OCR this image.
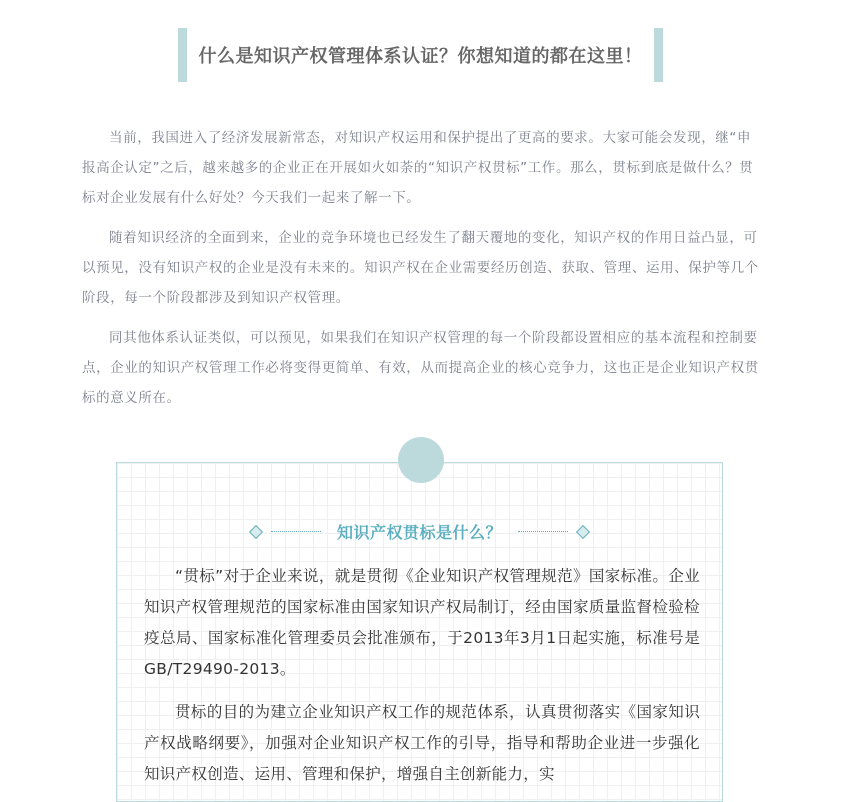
什么是知识产权管理体系认证？你想知道的都在这里！

当前，我国进入了经济发展新常态，对知识产权运用和保护提出了更高的要求。大家可能会发现，继“申报高企认定”之后，越来越多的企业正在开展如火如荼的“知识产权贯标”工作。那么，贯标到底是做什么？贯标对企业发展有什么好处？今天我们一起来了解一下。

随着知识经济的全面到来，企业的竞争环境也已经发生了翻天覆地的变化，知识产权的作用日益凸显，可以预见，没有知识产权的企业是没有未来的。知识产权在企业需要经历创造、获取、管理、运用、保护等几个阶段，每一个阶段都涉及到知识产权管理。

同其他体系认证类似，可以预见，如果我们在知识产权管理的每一个阶段都设置相应的基本流程和控制要点，企业的知识产权管理工作必将变得更简单、有效，从而提高企业的核心竞争力，这也正是企业知识产权贯标的意义所在。

知识产权贯标是什么？

“贯标”对于企业来说，就是贯彻《企业知识产权管理规范》国家标准。企业知识产权管理规范的国家标准由国家知识产权局制订，经由国家质量监督检验检疫总局、国家标准化管理委员会批准颁布，于2013年3月1日起实施，标准号是GB/T29490-2013。

贯标的目的为建立企业知识产权工作的规范体系，认真贯彻落实《国家知识产权战略纲要》，加强对企业知识产权工作的引导，指导和帮助企业进一步强化知识产权创造、运用、管理和保护，增强自主创新能力，实
